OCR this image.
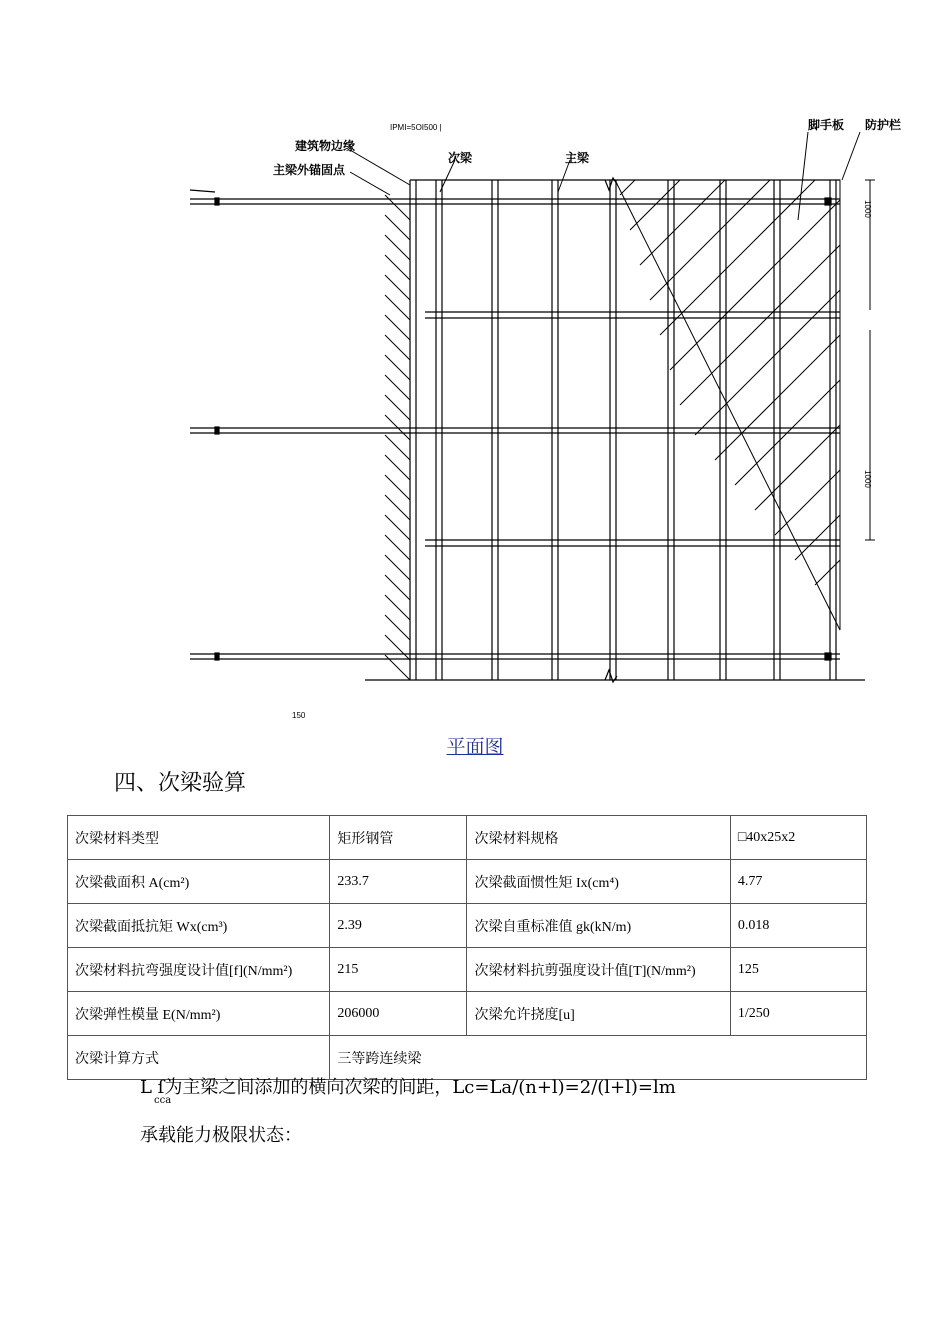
IPMI=5OI500 |
建筑物边缘
主梁外锚固点
次梁	主梁
脚手板 防护栏
1000
1000
150
平面图
四、次梁验算
次梁材料类型	矩形钢管	次梁材料规格	□40x25x2
次梁截面积 A(cm²)	233.7	次梁截面惯性矩 Ix(cm⁴)	4.77
次梁截面抵抗矩 Wx(cm³)	2.39	次梁自重标准值 gk(kN/m)	0.018
次梁材料抗弯强度设计值[f](N/mm²)	215	次梁材料抗剪强度设计值[T](N/mm²)	125
次梁弹性模量 E(N/mm²)	206000	次梁允许挠度[u]	1/250
次梁计算方式	三等跨连续梁		
L ſ为主梁之间添加的横向次梁的间距，Lc=La/(n+l)=2/(l+l)=lm
cca
承载能力极限状态：
